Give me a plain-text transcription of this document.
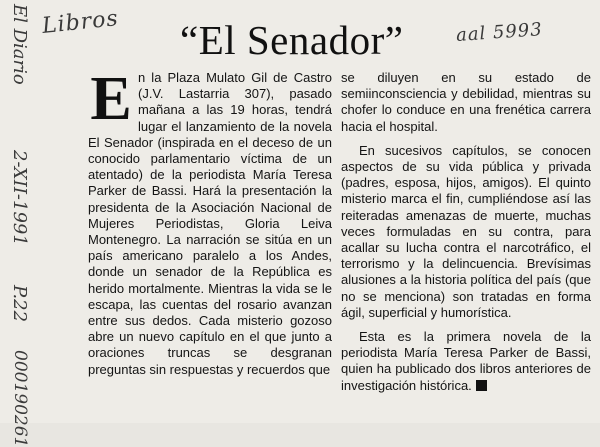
Libros	aal 5993
El Diario
2-XII-1991
P.22
000190261
“El Senador”
E n la Plaza Mulato Gil de Castro (J.V. Lastarria 307), pasado mañana a las 19 horas, tendrá lugar el lanzamiento de la novela El Senador (inspirada en el deceso de un conocido parlamentario víctima de un atentado) de la periodista María Teresa Parker de Bassi. Hará la presentación la presidenta de la Asociación Nacional de Mujeres Periodistas, Gloria Leiva Montenegro. La narración se sitúa en un país americano paralelo a los Andes, donde un senador de la República es herido mortalmente. Mientras la vida se le escapa, las cuentas del rosario avanzan entre sus dedos. Cada misterio gozoso abre un nuevo capítulo en el que junto a oraciones truncas se desgranan preguntas sin respuestas y recuerdos que

se diluyen en su estado de semiinconsciencia y debilidad, mientras su chofer lo conduce en una frenética carrera hacia el hospital.

En sucesivos capítulos, se conocen aspectos de su vida pública y privada (padres, esposa, hijos, amigos). El quinto misterio marca el fin, cumpliéndose así las reiteradas amenazas de muerte, muchas veces formuladas en su contra, para acallar su lucha contra el narcotráfico, el terrorismo y la delincuencia. Brevísimas alusiones a la historia política del país (que no se menciona) son tratadas en forma ágil, superficial y humorística.

Esta es la primera novela de la periodista María Teresa Parker de Bassi, quien ha publicado dos libros anteriores de investigación histórica.
